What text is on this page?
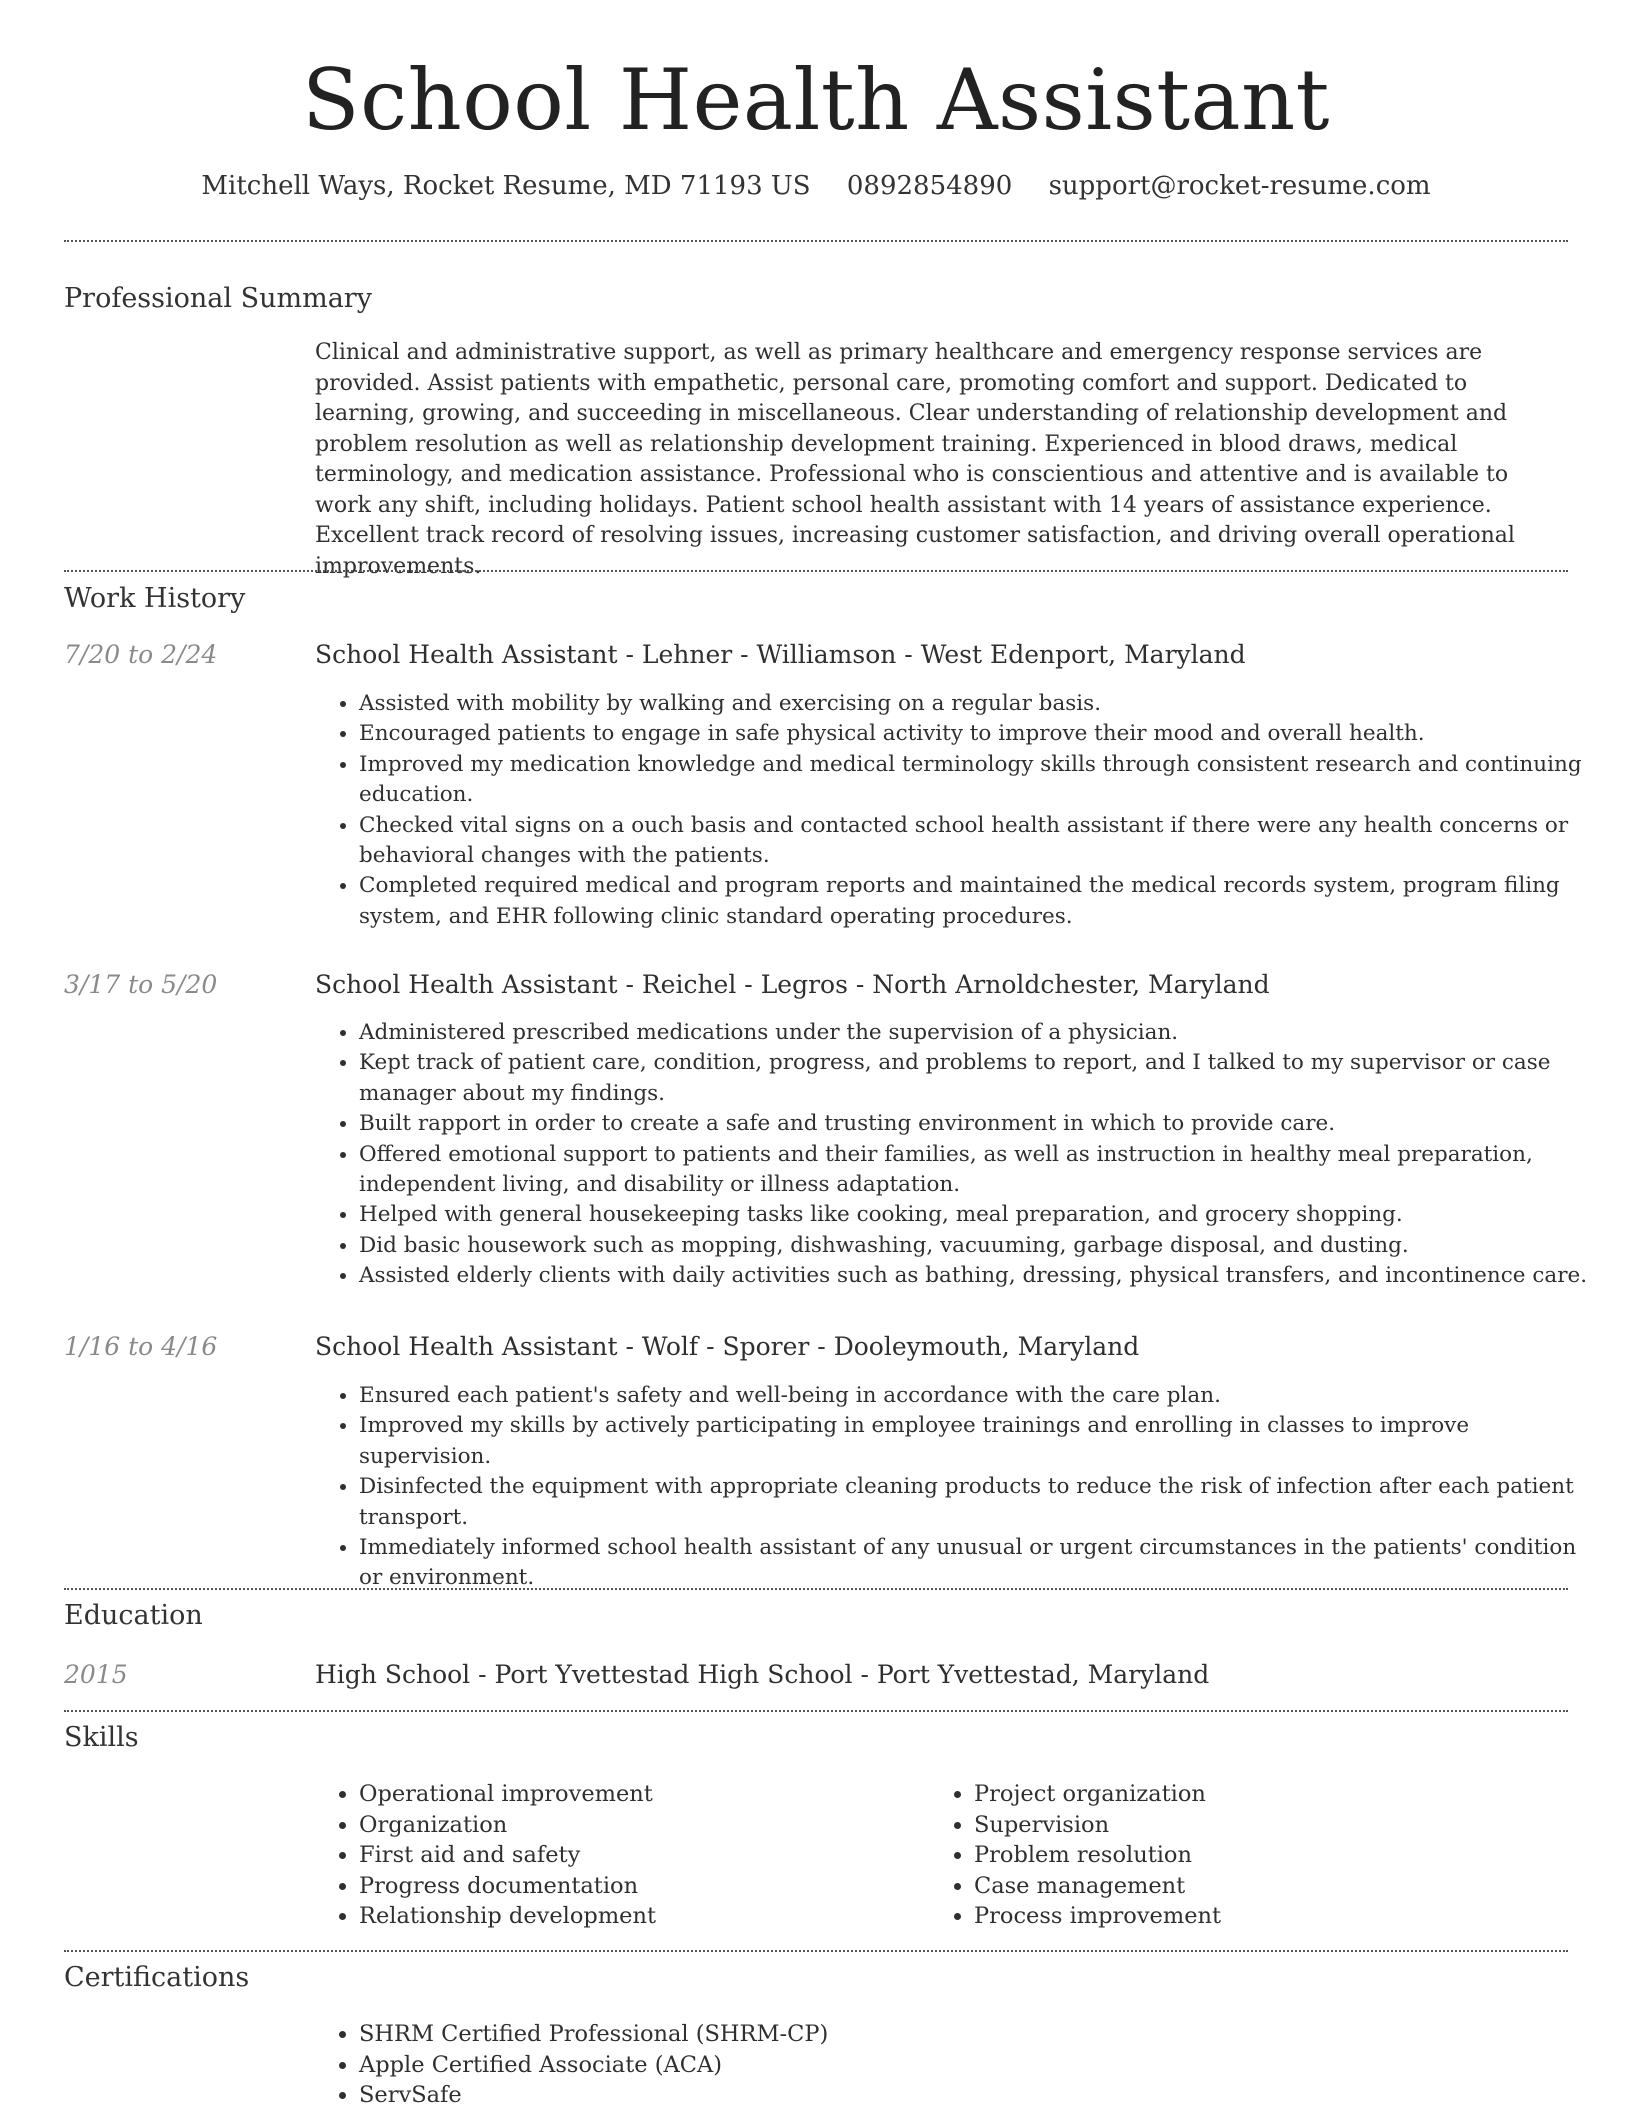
School Health Assistant
Mitchell Ways, Rocket Resume, MD 71193 US 0892854890 support@rocket-resume.com
Professional Summary
Clinical and administrative support, as well as primary healthcare and emergency response services are provided. Assist patients with empathetic, personal care, promoting comfort and support. Dedicated to learning, growing, and succeeding in miscellaneous. Clear understanding of relationship development and problem resolution as well as relationship development training. Experienced in blood draws, medical terminology, and medication assistance. Professional who is conscientious and attentive and is available to work any shift, including holidays. Patient school health assistant with 14 years of assistance experience. Excellent track record of resolving issues, increasing customer satisfaction, and driving overall operational improvements.
Work History
7/20 to 2/24	School Health Assistant - Lehner - Williamson - West Edenport, Maryland
• Assisted with mobility by walking and exercising on a regular basis.
• Encouraged patients to engage in safe physical activity to improve their mood and overall health.
• Improved my medication knowledge and medical terminology skills through consistent research and continuing education.
• Checked vital signs on a ouch basis and contacted school health assistant if there were any health concerns or behavioral changes with the patients.
• Completed required medical and program reports and maintained the medical records system, program filing system, and EHR following clinic standard operating procedures.
3/17 to 5/20	School Health Assistant - Reichel - Legros - North Arnoldchester, Maryland
• Administered prescribed medications under the supervision of a physician.
• Kept track of patient care, condition, progress, and problems to report, and I talked to my supervisor or case manager about my findings.
• Built rapport in order to create a safe and trusting environment in which to provide care.
• Offered emotional support to patients and their families, as well as instruction in healthy meal preparation, independent living, and disability or illness adaptation.
• Helped with general housekeeping tasks like cooking, meal preparation, and grocery shopping.
• Did basic housework such as mopping, dishwashing, vacuuming, garbage disposal, and dusting.
• Assisted elderly clients with daily activities such as bathing, dressing, physical transfers, and incontinence care.
1/16 to 4/16	School Health Assistant - Wolf - Sporer - Dooleymouth, Maryland
• Ensured each patient's safety and well-being in accordance with the care plan.
• Improved my skills by actively participating in employee trainings and enrolling in classes to improve supervision.
• Disinfected the equipment with appropriate cleaning products to reduce the risk of infection after each patient transport.
• Immediately informed school health assistant of any unusual or urgent circumstances in the patients' condition or environment.
Education
2015	High School - Port Yvettestad High School - Port Yvettestad, Maryland
Skills
• Operational improvement
• Organization
• First aid and safety
• Progress documentation
• Relationship development
• Project organization
• Supervision
• Problem resolution
• Case management
• Process improvement
Certifications
• SHRM Certified Professional (SHRM-CP)
• Apple Certified Associate (ACA)
• ServSafe
